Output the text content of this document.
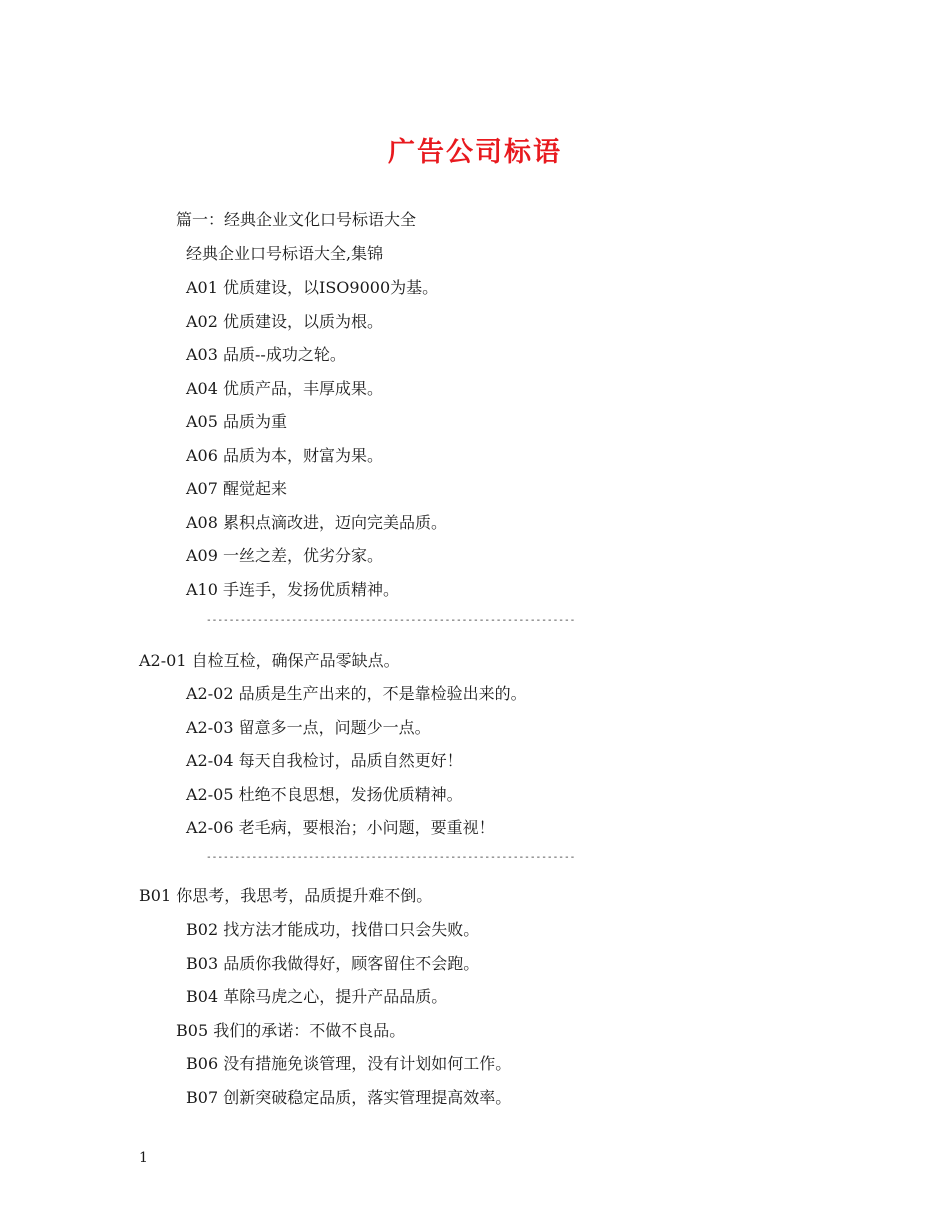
广告公司标语
篇一：经典企业文化口号标语大全
经典企业口号标语大全,集锦
A01 优质建设，以ISO9000为基。
A02 优质建设，以质为根。
A03 品质--成功之轮。
A04 优质产品，丰厚成果。
A05 品质为重
A06 品质为本，财富为果。
A07 醒觉起来
A08 累积点滴改进，迈向完美品质。
A09 一丝之差，优劣分家。
A10 手连手，发扬优质精神。
-----------------------------------------------------------------
A2-01 自检互检，确保产品零缺点。
A2-02 品质是生产出来的，不是靠检验出来的。
A2-03 留意多一点，问题少一点。
A2-04 每天自我检讨，品质自然更好！
A2-05 杜绝不良思想，发扬优质精神。
A2-06 老毛病，要根治；小问题，要重视！
-----------------------------------------------------------------
B01 你思考，我思考，品质提升难不倒。
B02 找方法才能成功，找借口只会失败。
B03 品质你我做得好，顾客留住不会跑。
B04 革除马虎之心，提升产品品质。
B05 我们的承诺：不做不良品。
B06 没有措施免谈管理，没有计划如何工作。
B07 创新突破稳定品质，落实管理提高效率。
1
